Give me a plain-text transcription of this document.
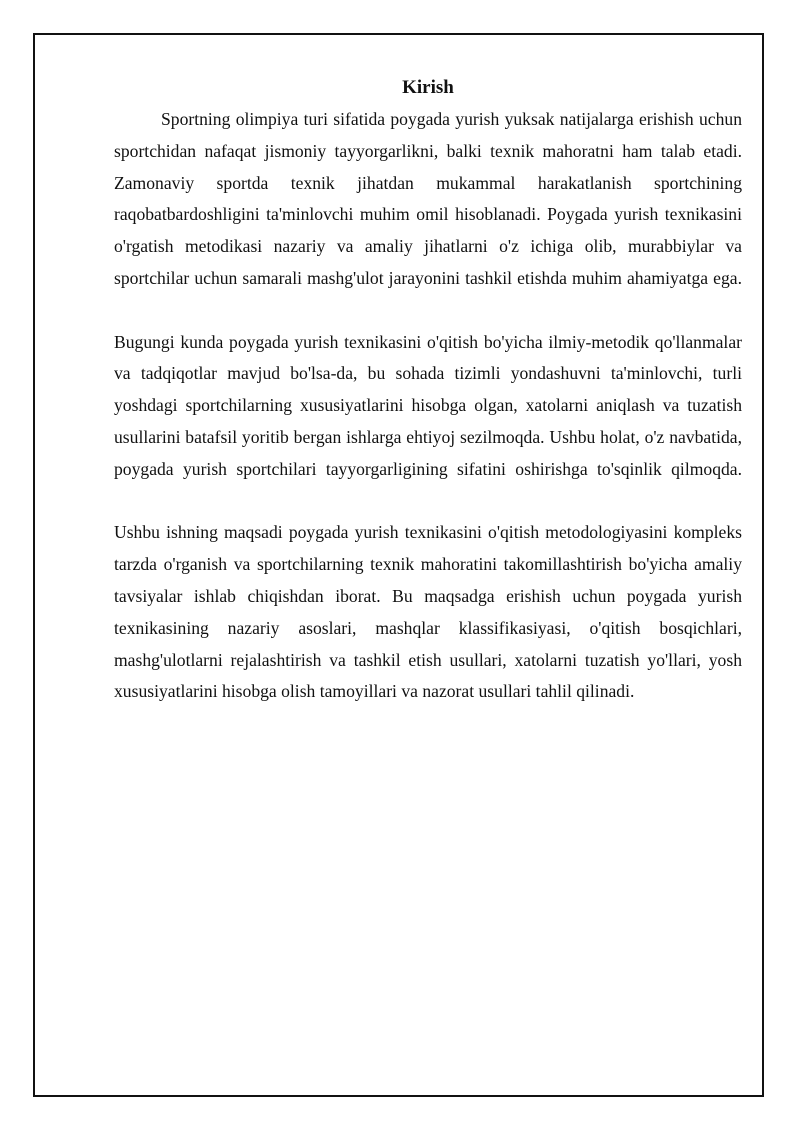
Kirish

Sportning olimpiya turi sifatida poygada yurish yuksak natijalarga erishish uchun sportchidan nafaqat jismoniy tayyorgarlikni, balki texnik mahoratni ham talab etadi. Zamonaviy sportda texnik jihatdan mukammal harakatlanish sportchining raqobatbardoshligini ta'minlovchi muhim omil hisoblanadi. Poygada yurish texnikasini o'rgatish metodikasi nazariy va amaliy jihatlarni o'z ichiga olib, murabbiylar va sportchilar uchun samarali mashg'ulot jarayonini tashkil etishda muhim ahamiyatga ega.

Bugungi kunda poygada yurish texnikasini o'qitish bo'yicha ilmiy-metodik qo'llanmalar va tadqiqotlar mavjud bo'lsa-da, bu sohada tizimli yondashuvni ta'minlovchi, turli yoshdagi sportchilarning xususiyatlarini hisobga olgan, xatolarni aniqlash va tuzatish usullarini batafsil yoritib bergan ishlarga ehtiyoj sezilmoqda. Ushbu holat, o'z navbatida, poygada yurish sportchilari tayyorgarligining sifatini oshirishga to'sqinlik qilmoqda.

Ushbu ishning maqsadi poygada yurish texnikasini o'qitish metodologiyasini kompleks tarzda o'rganish va sportchilarning texnik mahoratini takomillashtirish bo'yicha amaliy tavsiyalar ishlab chiqishdan iborat. Bu maqsadga erishish uchun poygada yurish texnikasining nazariy asoslari, mashqlar klassifikasiyasi, o'qitish bosqichlari, mashg'ulotlarni rejalashtirish va tashkil etish usullari, xatolarni tuzatish yo'llari, yosh xususiyatlarini hisobga olish tamoyillari va nazorat usullari tahlil qilinadi.
